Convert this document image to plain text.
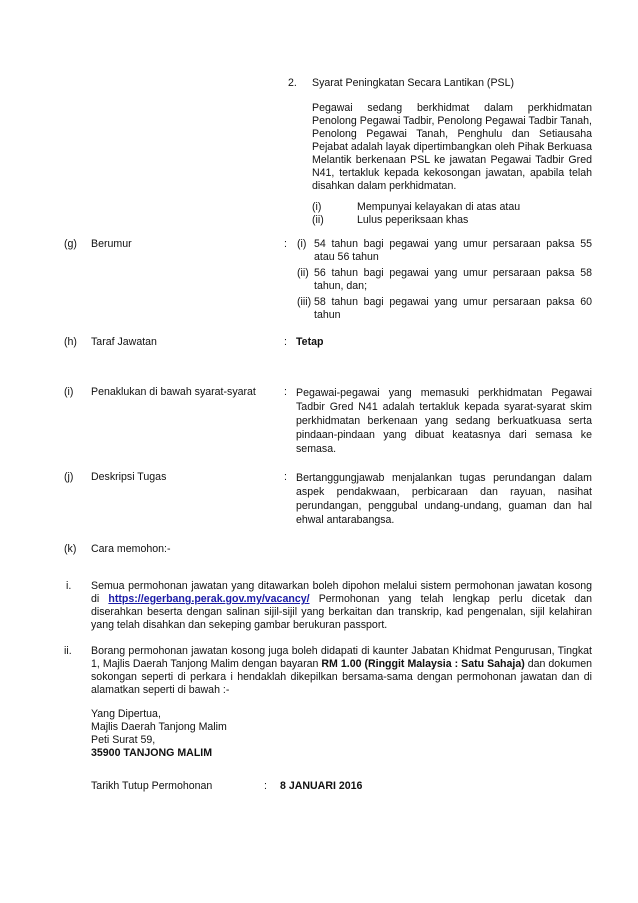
2. Syarat Peningkatan Secara Lantikan (PSL)
Pegawai sedang berkhidmat dalam perkhidmatan Penolong Pegawai Tadbir, Penolong Pegawai Tadbir Tanah, Penolong Pegawai Tanah, Penghulu dan Setiausaha Pejabat adalah layak dipertimbangkan oleh Pihak Berkuasa Melantik berkenaan PSL ke jawatan Pegawai Tadbir Gred N41, tertakluk kepada kekosongan jawatan, apabila telah disahkan dalam perkhidmatan.
(i)	Mempunyai kelayakan di atas atau
(ii)	Lulus peperiksaan khas
(g) Berumur	: (i) 54 tahun bagi pegawai yang umur persaraan paksa 55 atau 56 tahun
(ii) 56 tahun bagi pegawai yang umur persaraan paksa 58 tahun, dan;
(iii) 58 tahun bagi pegawai yang umur persaraan paksa 60 tahun
(h) Taraf Jawatan	: Tetap
(i) Penaklukan di bawah syarat-syarat	: Pegawai-pegawai yang memasuki perkhidmatan Pegawai Tadbir Gred N41 adalah tertakluk kepada syarat-syarat skim perkhidmatan berkenaan yang sedang berkuatkuasa serta pindaan-pindaan yang dibuat keatasnya dari semasa ke semasa.
(j) Deskripsi Tugas	: Bertanggungjawab menjalankan tugas perundangan dalam aspek pendakwaan, perbicaraan dan rayuan, nasihat perundangan, penggubal undang-undang, guaman dan hal ehwal antarabangsa.
(k) Cara memohon:-
i. Semua permohonan jawatan yang ditawarkan boleh dipohon melalui sistem permohonan jawatan kosong di https://egerbang.perak.gov.my/vacancy/ Permohonan yang telah lengkap perlu dicetak dan diserahkan beserta dengan salinan sijil-sijil yang berkaitan dan transkrip, kad pengenalan, sijil kelahiran yang telah disahkan dan sekeping gambar berukuran passport.
ii. Borang permohonan jawatan kosong juga boleh didapati di kaunter Jabatan Khidmat Pengurusan, Tingkat 1, Majlis Daerah Tanjong Malim dengan bayaran RM 1.00 (Ringgit Malaysia : Satu Sahaja) dan dokumen sokongan seperti di perkara i hendaklah dikepilkan bersama-sama dengan permohonan jawatan dan di alamatkan seperti di bawah :-
Yang Dipertua,
Majlis Daerah Tanjong Malim
Peti Surat 59,
35900 TANJONG MALIM
Tarikh Tutup Permohonan	: 8 JANUARI 2016
